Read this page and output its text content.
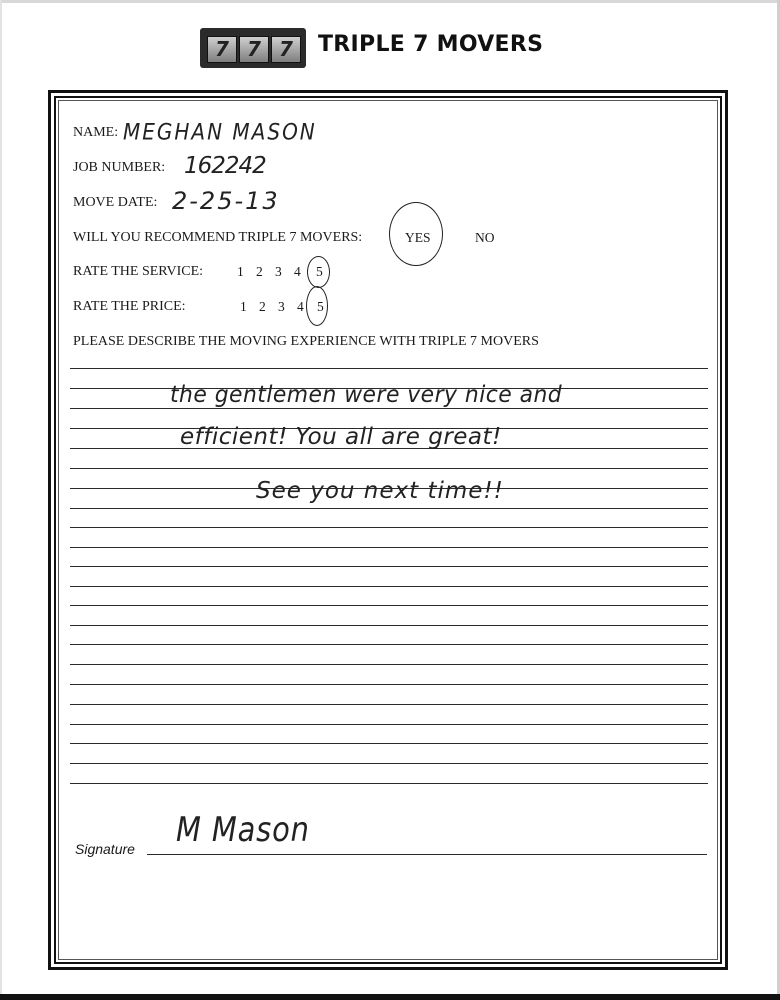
7 7 7	TRIPLE 7 MOVERS
NAME: MEGHAN MASON
JOB NUMBER: 162242
MOVE DATE: 2-25-13
WILL YOU RECOMMEND TRIPLE 7 MOVERS:	YES	NO
RATE THE SERVICE:	1 2 3 4 5
RATE THE PRICE:	1 2 3 4 5
PLEASE DESCRIBE THE MOVING EXPERIENCE WITH TRIPLE 7 MOVERS
the gentlemen were very nice and
efficient! You all are great!
See you next time!!
Signature M Mason
